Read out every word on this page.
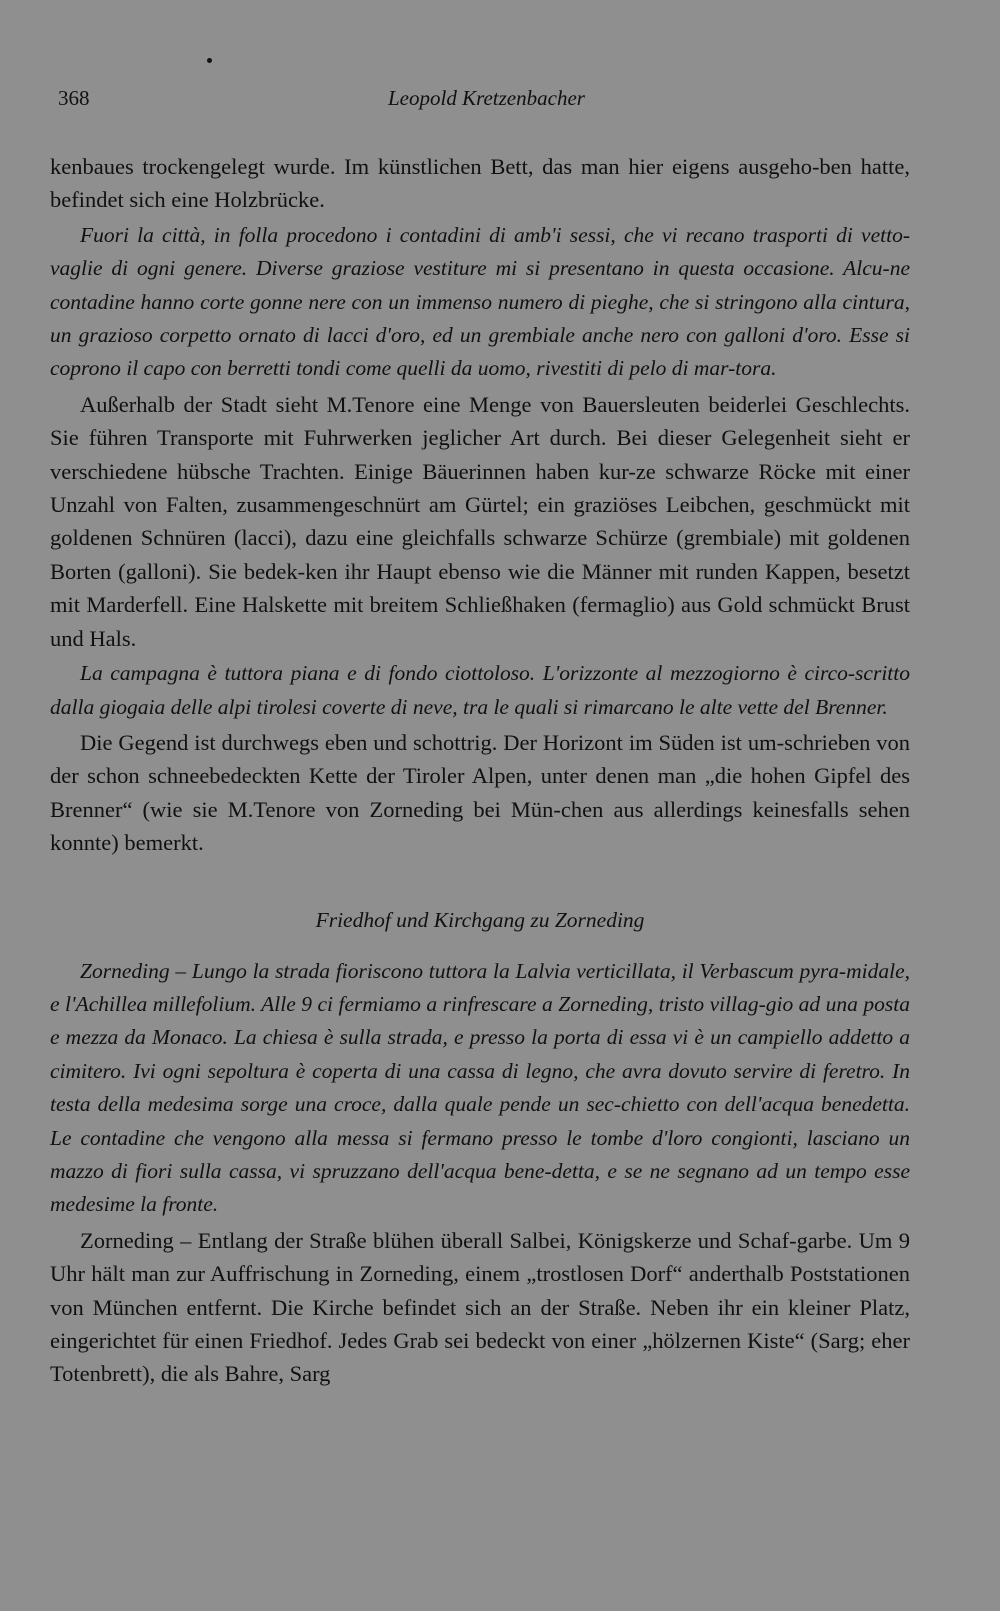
368	Leopold Kretzenbacher

kenbaues trockengelegt wurde. Im künstlichen Bett, das man hier eigens ausgeho-ben hatte, befindet sich eine Holzbrücke.

Fuori la città, in folla procedono i contadini di amb'i sessi, che vi recano trasporti di vetto-vaglie di ogni genere. Diverse graziose vestiture mi si presentano in questa occasione. Alcu-ne contadine hanno corte gonne nere con un immenso numero di pieghe, che si stringono alla cintura, un grazioso corpetto ornato di lacci d'oro, ed un grembiale anche nero con galloni d'oro. Esse si coprono il capo con berretti tondi come quelli da uomo, rivestiti di pelo di mar-tora.

Außerhalb der Stadt sieht M.Tenore eine Menge von Bauersleuten beiderlei Geschlechts. Sie führen Transporte mit Fuhrwerken jeglicher Art durch. Bei dieser Gelegenheit sieht er verschiedene hübsche Trachten. Einige Bäuerinnen haben kur-ze schwarze Röcke mit einer Unzahl von Falten, zusammengeschnürt am Gürtel; ein graziöses Leibchen, geschmückt mit goldenen Schnüren (lacci), dazu eine gleichfalls schwarze Schürze (grembiale) mit goldenen Borten (galloni). Sie bedek-ken ihr Haupt ebenso wie die Männer mit runden Kappen, besetzt mit Marderfell. Eine Halskette mit breitem Schließhaken (fermaglio) aus Gold schmückt Brust und Hals.

La campagna è tuttora piana e di fondo ciottoloso. L'orizzonte al mezzogiorno è circo-scritto dalla giogaia delle alpi tirolesi coverte di neve, tra le quali si rimarcano le alte vette del Brenner.

Die Gegend ist durchwegs eben und schottrig. Der Horizont im Süden ist um-schrieben von der schon schneebedeckten Kette der Tiroler Alpen, unter denen man „die hohen Gipfel des Brenner“ (wie sie M.Tenore von Zorneding bei Mün-chen aus allerdings keinesfalls sehen konnte) bemerkt.

Friedhof und Kirchgang zu Zorneding

Zorneding – Lungo la strada fioriscono tuttora la Lalvia verticillata, il Verbascum pyra-midale, e l'Achillea millefolium. Alle 9 ci fermiamo a rinfrescare a Zorneding, tristo villag-gio ad una posta e mezza da Monaco. La chiesa è sulla strada, e presso la porta di essa vi è un campiello addetto a cimitero. Ivi ogni sepoltura è coperta di una cassa di legno, che avra dovuto servire di feretro. In testa della medesima sorge una croce, dalla quale pende un sec-chietto con dell'acqua benedetta. Le contadine che vengono alla messa si fermano presso le tombe d'loro congionti, lasciano un mazzo di fiori sulla cassa, vi spruzzano dell'acqua bene-detta, e se ne segnano ad un tempo esse medesime la fronte.

Zorneding – Entlang der Straße blühen überall Salbei, Königskerze und Schaf-garbe. Um 9 Uhr hält man zur Auffrischung in Zorneding, einem „trostlosen Dorf“ anderthalb Poststationen von München entfernt. Die Kirche befindet sich an der Straße. Neben ihr ein kleiner Platz, eingerichtet für einen Friedhof. Jedes Grab sei bedeckt von einer „hölzernen Kiste“ (Sarg; eher Totenbrett), die als Bahre, Sarg
